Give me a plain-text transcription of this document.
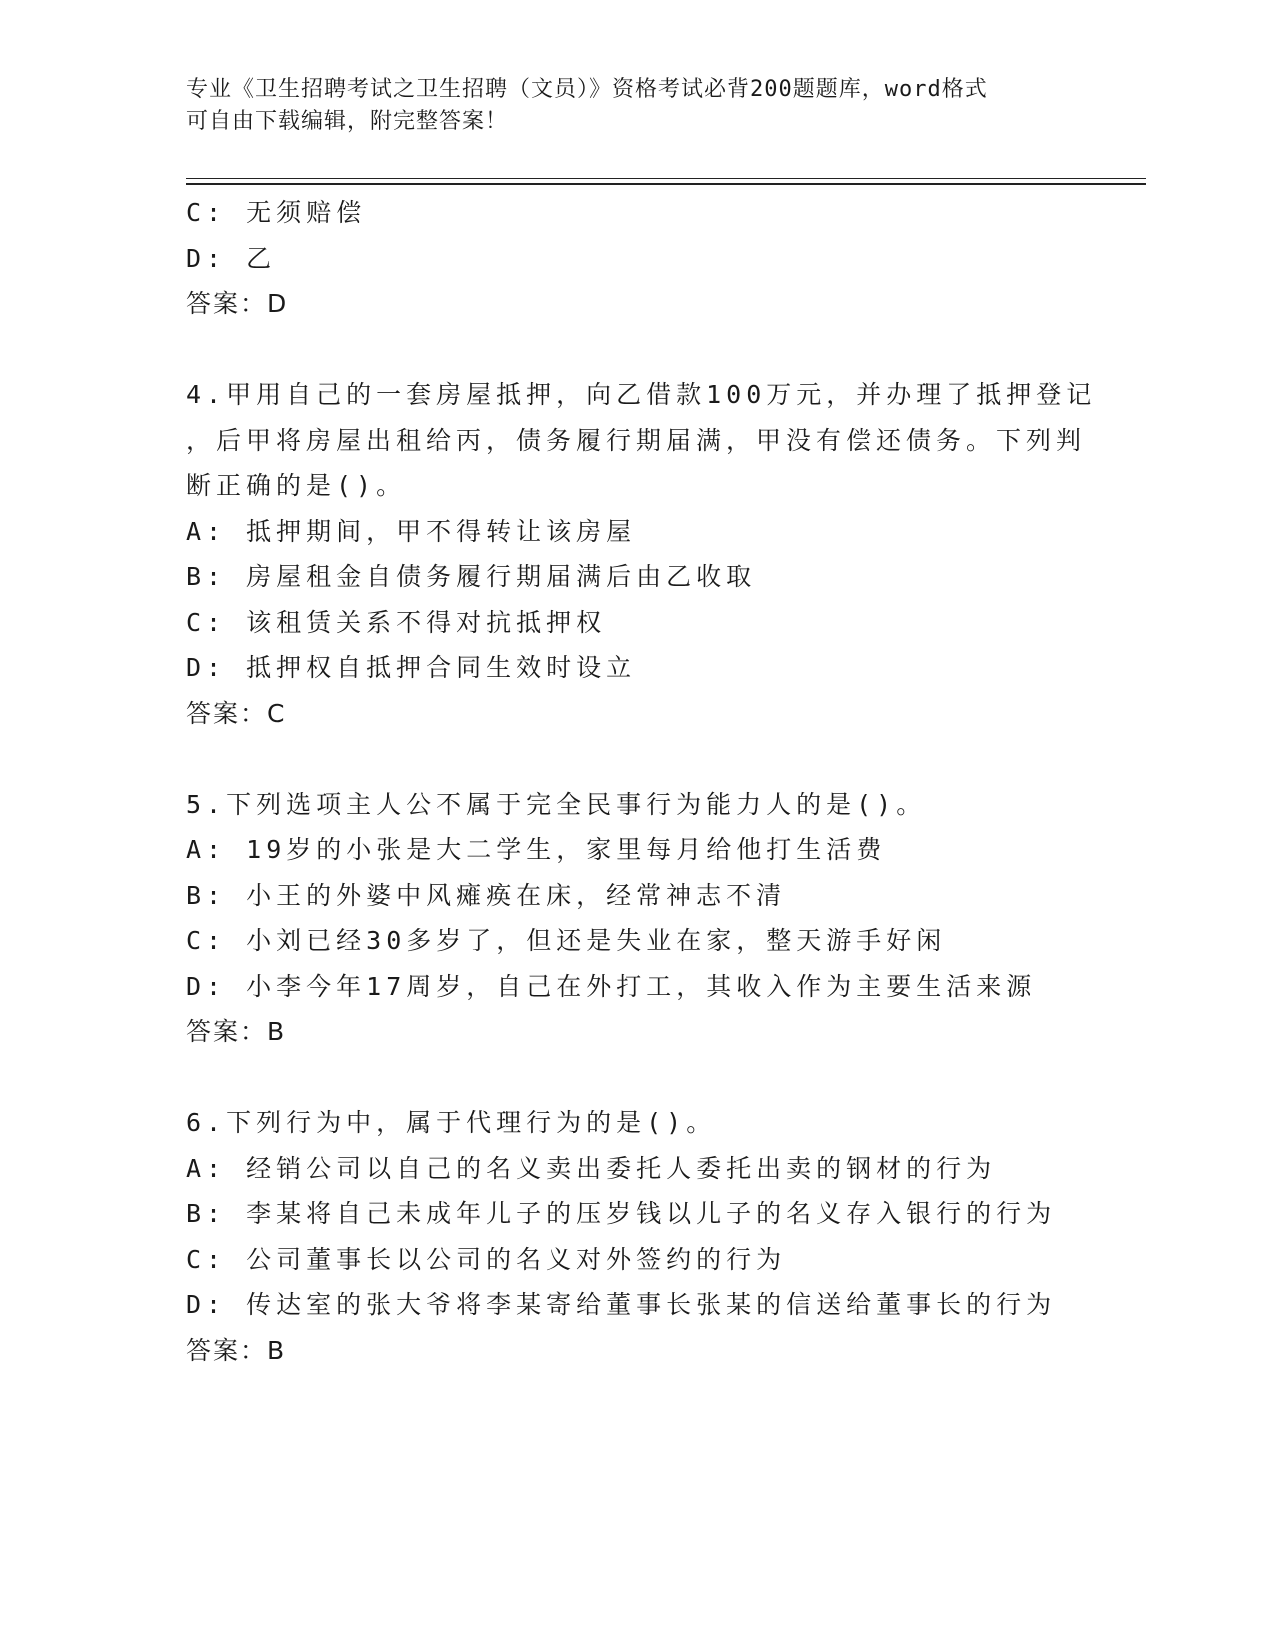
专业《卫生招聘考试之卫生招聘（文员）》资格考试必背200题题库，word格式
可自由下载编辑，附完整答案！
C: 无须赔偿
D: 乙
答案：D
4.甲用自己的一套房屋抵押，向乙借款100万元，并办理了抵押登记
，后甲将房屋出租给丙，债务履行期届满，甲没有偿还债务。下列判
断正确的是()。
A: 抵押期间，甲不得转让该房屋
B: 房屋租金自债务履行期届满后由乙收取
C: 该租赁关系不得对抗抵押权
D: 抵押权自抵押合同生效时设立
答案：C
5.下列选项主人公不属于完全民事行为能力人的是()。
A: 19岁的小张是大二学生，家里每月给他打生活费
B: 小王的外婆中风瘫痪在床，经常神志不清
C: 小刘已经30多岁了，但还是失业在家，整天游手好闲
D: 小李今年17周岁，自己在外打工，其收入作为主要生活来源
答案：B
6.下列行为中，属于代理行为的是()。
A: 经销公司以自己的名义卖出委托人委托出卖的钢材的行为
B: 李某将自己未成年儿子的压岁钱以儿子的名义存入银行的行为
C: 公司董事长以公司的名义对外签约的行为
D: 传达室的张大爷将李某寄给董事长张某的信送给董事长的行为
答案：B
